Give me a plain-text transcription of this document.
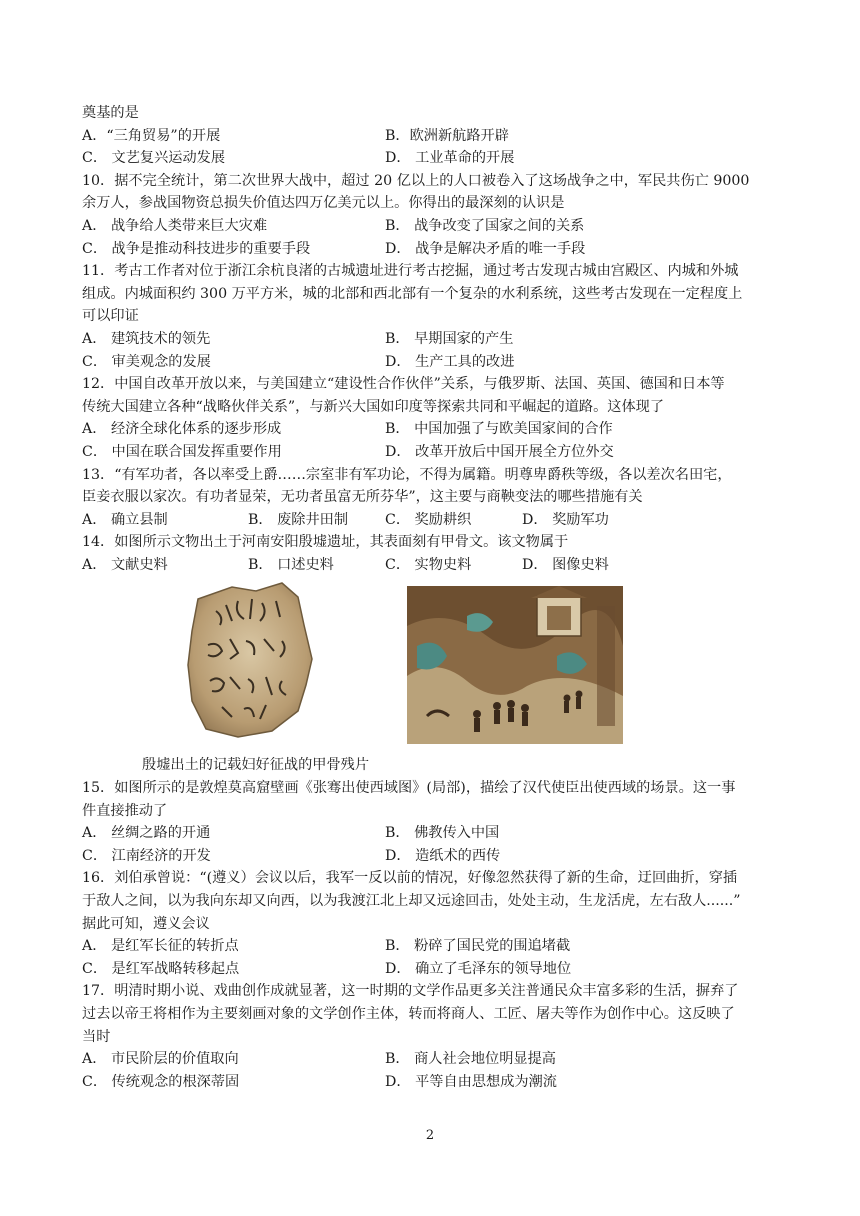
奠基的是
A．“三角贸易”的开展	B．欧洲新航路开辟
C． 文艺复兴运动发展	D． 工业革命的开展
10．据不完全统计，第二次世界大战中，超过 20 亿以上的人口被卷入了这场战争之中，军民共伤亡 9000
余万人，参战国物资总损失价值达四万亿美元以上。你得出的最深刻的认识是
A． 战争给人类带来巨大灾难	B． 战争改变了国家之间的关系
C． 战争是推动科技进步的重要手段	D． 战争是解决矛盾的唯一手段
11．考古工作者对位于浙江余杭良渚的古城遗址进行考古挖掘，通过考古发现古城由宫殿区、内城和外城
组成。内城面积约 300 万平方米，城的北部和西北部有一个复杂的水利系统，这些考古发现在一定程度上
可以印证
A． 建筑技术的领先	B． 早期国家的产生
C． 审美观念的发展	D． 生产工具的改进
12．中国自改革开放以来，与美国建立“建设性合作伙伴”关系，与俄罗斯、法国、英国、德国和日本等
传统大国建立各种“战略伙伴关系”，与新兴大国如印度等探索共同和平崛起的道路。这体现了
A． 经济全球化体系的逐步形成	B． 中国加强了与欧美国家间的合作
C． 中国在联合国发挥重要作用	D． 改革开放后中国开展全方位外交
13．“有军功者，各以率受上爵……宗室非有军功论，不得为属籍。明尊卑爵秩等级，各以差次名田宅，
臣妾衣服以家次。有功者显荣，无功者虽富无所芬华”，这主要与商鞅变法的哪些措施有关
A． 确立县制	B． 废除井田制	C． 奖励耕织	D． 奖励军功
14．如图所示文物出土于河南安阳殷墟遗址，其表面刻有甲骨文。该文物属于
A． 文献史料	B． 口述史料	C． 实物史料	D． 图像史料
殷墟出土的记载妇好征战的甲骨残片
15．如图所示的是敦煌莫高窟壁画《张骞出使西域图》(局部)，描绘了汉代使臣出使西域的场景。这一事
件直接推动了
A． 丝绸之路的开通	B． 佛教传入中国
C． 江南经济的开发	D． 造纸术的西传
16．刘伯承曾说：“(遵义）会议以后，我军一反以前的情况，好像忽然获得了新的生命，迂回曲折，穿插
于敌人之间，以为我向东却又向西，以为我渡江北上却又远途回击，处处主动，生龙活虎，左右敌人......”
据此可知，遵义会议
A． 是红军长征的转折点	B． 粉碎了国民党的围追堵截
C． 是红军战略转移起点	D． 确立了毛泽东的领导地位
17．明清时期小说、戏曲创作成就显著，这一时期的文学作品更多关注普通民众丰富多彩的生活，摒弃了
过去以帝王将相作为主要刻画对象的文学创作主体，转而将商人、工匠、屠夫等作为创作中心。这反映了
当时
A． 市民阶层的价值取向	B． 商人社会地位明显提高
C． 传统观念的根深蒂固	D． 平等自由思想成为潮流
2
